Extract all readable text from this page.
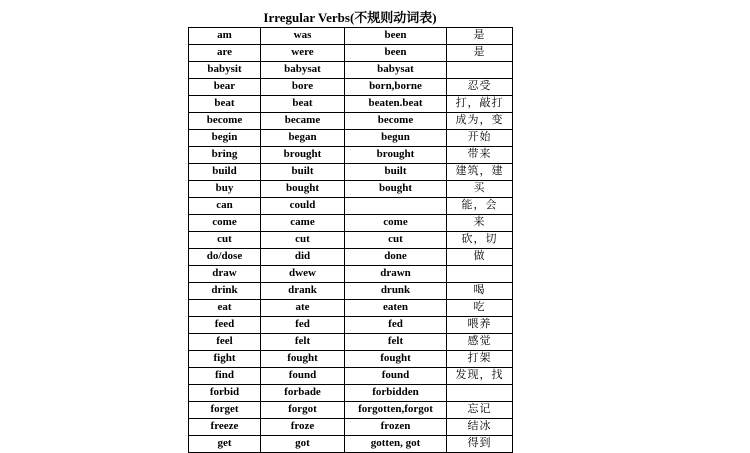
Irregular Verbs(不规则动词表)
am	was	been	是
are	were	been	是
babysit	babysat	babysat	
bear	bore	born,borne	忍受
beat	beat	beaten.beat	打，敲打
become	became	become	成为，变
begin	began	begun	开始
bring	brought	brought	带来
build	built	built	建筑，建
buy	bought	bought	买
can	could		能，会
come	came	come	来
cut	cut	cut	砍，切
do/dose	did	done	做
draw	dwew	drawn	
drink	drank	drunk	喝
eat	ate	eaten	吃
feed	fed	fed	喂养
feel	felt	felt	感觉
fight	fought	fought	打架
find	found	found	发现，找
forbid	forbade	forbidden	
forget	forgot	forgotten,forgot	忘记
freeze	froze	frozen	结冰
get	got	gotten, got	得到
